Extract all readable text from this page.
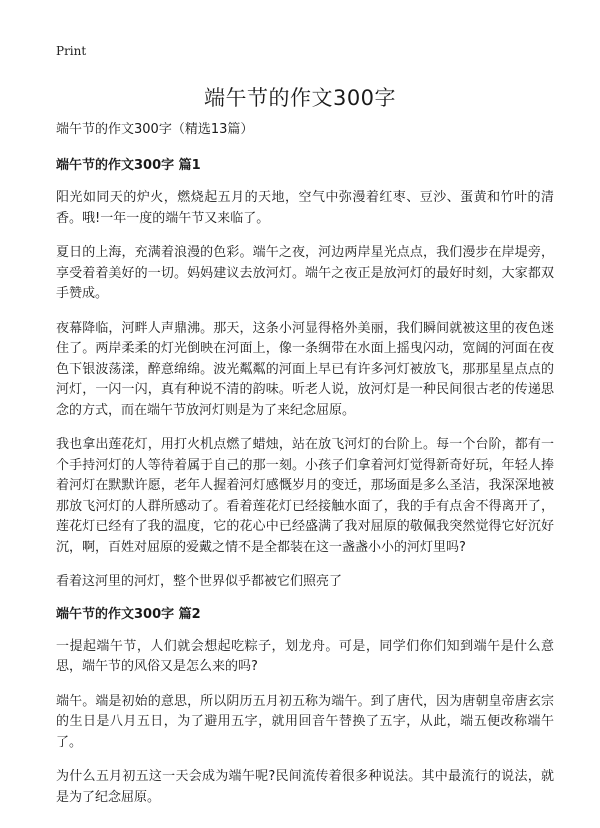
Print
端午节的作文300字

端午节的作文300字（精选13篇）

端午节的作文300字 篇1

阳光如同天的炉火，燃烧起五月的天地，空气中弥漫着红枣、豆沙、蛋黄和竹叶的清香。哦!一年一度的端午节又来临了。

夏日的上海，充满着浪漫的色彩。端午之夜，河边两岸星光点点，我们漫步在岸堤旁，享受着着美好的一切。妈妈建议去放河灯。端午之夜正是放河灯的最好时刻，大家都双手赞成。

夜幕降临，河畔人声鼎沸。那天，这条小河显得格外美丽，我们瞬间就被这里的夜色迷住了。两岸柔柔的灯光倒映在河面上，像一条绸带在水面上摇曳闪动，宽阔的河面在夜色下银波荡漾，醉意绵绵。波光粼粼的河面上早已有许多河灯被放飞，那那星星点点的河灯，一闪一闪，真有种说不清的韵味。听老人说，放河灯是一种民间很古老的传递思念的方式，而在端午节放河灯则是为了来纪念屈原。

我也拿出莲花灯，用打火机点燃了蜡烛，站在放飞河灯的台阶上。每一个台阶，都有一个手持河灯的人等待着属于自己的那一刻。小孩子们拿着河灯觉得新奇好玩，年轻人捧着河灯在默默许愿，老年人握着河灯感慨岁月的变迁，那场面是多么圣洁，我深深地被那放飞河灯的人群所感动了。看着莲花灯已经接触水面了，我的手有点舍不得离开了，莲花灯已经有了我的温度，它的花心中已经盛满了我对屈原的敬佩我突然觉得它好沉好沉，啊，百姓对屈原的爱戴之情不是全都装在这一盏盏小小的河灯里吗?

看着这河里的河灯，整个世界似乎都被它们照亮了

端午节的作文300字 篇2

一提起端午节，人们就会想起吃粽子，划龙舟。可是，同学们你们知到端午是什么意思，端午节的风俗又是怎么来的吗?

端午。端是初始的意思，所以阴历五月初五称为端午。到了唐代，因为唐朝皇帝唐玄宗的生日是八月五日，为了避用五字，就用回音午替换了五字，从此，端五便改称端午了。

为什么五月初五这一天会成为端午呢?民间流传着很多种说法。其中最流行的说法，就是为了纪念屈原。
